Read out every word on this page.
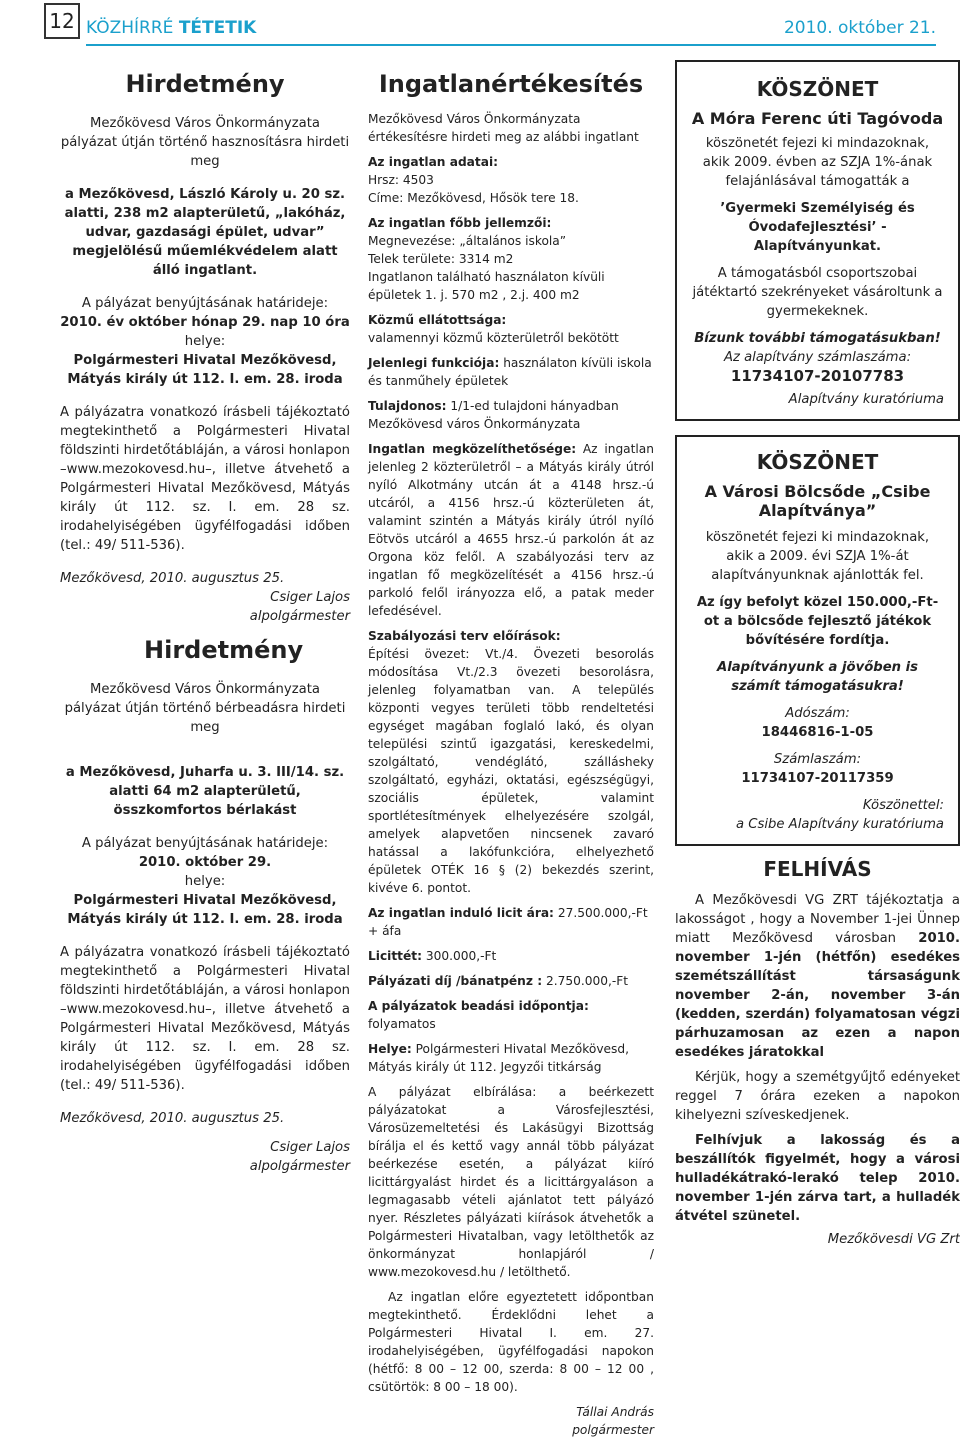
12 KÖZHÍRRÉ TÉTETIK	2010. október 21.
Hirdetmény

Mezőkövesd Város Önkormányzata pályázat útján történő hasznosításra hirdeti meg

a Mezőkövesd, László Károly u. 20 sz. alatti, 238 m2 alapterületű, „lakóház, udvar, gazdasági épület, udvar” megjelölésű műemlékvédelem alatt álló ingatlant.

A pályázat benyújtásának határideje:
2010. év október hónap 29. nap 10 óra
helye:

Polgármesteri Hivatal Mezőkövesd, Mátyás király út 112. I. em. 28. iroda

A pályázatra vonatkozó írásbeli tájékoztató megtekinthető a Polgármesteri Hivatal földszinti hirdetőtábláján, a városi honlapon –www.mezokovesd.hu–, illetve átvehető a Polgármesteri Hivatal Mezőkövesd, Mátyás király út 112. sz. I. em. 28 sz. irodahelyiségében ügyfélfogadási időben (tel.: 49/ 511-536).

Mezőkövesd, 2010. augusztus 25.
Csiger Lajos
alpolgármester
Hirdetmény

Mezőkövesd Város Önkormányzata pályázat útján történő bérbeadásra hirdeti meg

a Mezőkövesd, Juharfa u. 3. III/14. sz. alatti 64 m2 alapterületű, összkomfortos bérlakást

A pályázat benyújtásának határideje:
2010. október 29.
helye:

Polgármesteri Hivatal Mezőkövesd, Mátyás király út 112. I. em. 28. iroda

A pályázatra vonatkozó írásbeli tájékoztató megtekinthető a Polgármesteri Hivatal földszinti hirdetőtábláján, a városi honlapon –www.mezokovesd.hu–, illetve átvehető a Polgármesteri Hivatal Mezőkövesd, Mátyás király út 112. sz. I. em. 28 sz. irodahelyiségében ügyfélfogadási időben (tel.: 49/ 511-536).

Mezőkövesd, 2010. augusztus 25.
Csiger Lajos
alpolgármester
Ingatlanértékesítés

Mezőkövesd Város Önkormányzata értékesítésre hirdeti meg az alábbi ingatlant

Az ingatlan adatai:
Hrsz: 4503

Címe: Mezőkövesd, Hősök tere 18.

Az ingatlan főbb jellemzői:
Megnevezése: „általános iskola”
Telek területe: 3314 m2

Ingatlanon található használaton kívüli épületek 1. j. 570 m2 , 2.j. 400 m2

Közmű ellátottsága:

valamennyi közmű közterületről bekötött

Jelenlegi funkciója: használaton kívüli iskola és tanműhely épületek

Tulajdonos: 1/1-ed tulajdoni hányadban Mezőkövesd város Önkormányzata

Ingatlan megközelíthetősége: Az ingatlan jelenleg 2 közterületről – a Mátyás király útról nyíló Alkotmány utcán át a 4148 hrsz.-ú utcáról, a 4156 hrsz.-ú közterületen át, valamint szintén a Mátyás király útról nyíló Eötvös utcáról a 4655 hrsz.-ú parkolón át az Orgona köz felől. A szabályozási terv az ingatlan fő megközelítését a 4156 hrsz.-ú parkoló felől irányozza elő, a patak meder lefedésével.

Szabályozási terv előírások:

Építési övezet: Vt./4. Övezeti besorolás módosítása Vt./2.3 övezeti besorolásra, jelenleg folyamatban van. A település központi vegyes területi több rendeltetési egységet magában foglaló lakó, és olyan települési szintű igazgatási, kereskedelmi, szolgáltató, vendéglátó, szállásheky szolgáltató, egyházi, oktatási, egészségügyi, szociális épületek, valamint sportlétesítmények elhelyezésére szolgál, amelyek alapvetően nincsenek zavaró hatással a lakófunkcióra, elhelyezhető épületek OTÉK 16 § (2) bekezdés szerint, kivéve 6. pontot.

Az ingatlan induló licit ára: 27.500.000,-Ft + áfa

Licittét: 300.000,-Ft

Pályázati díj /bánatpénz : 2.750.000,-Ft

A pályázatok beadási időpontja: folyamatos

Helye: Polgármesteri Hivatal Mezőkövesd, Mátyás király út 112. Jegyzői titkárság

A pályázat elbírálása: a beérkezett pályázatokat a Városfejlesztési, Városüzemeltetési és Lakásügyi Bizottság bírálja el és kettő vagy annál több pályázat beérkezése esetén, a pályázat kiíró licittárgyalást hirdet és a licittárgyaláson a legmagasabb vételi ajánlatot tett pályázó nyer. Részletes pályázati kiírások átvehetők a Polgármesteri Hivatalban, vagy letölthetők az önkormányzat honlapjáról / www.mezokovesd.hu / letölthető.

Az ingatlan előre egyeztetett időpontban megtekinthető. Érdeklődni lehet a Polgármesteri Hivatal I. em. 27. irodahelyiségében, ügyfélfogadási napokon (hétfő: 8 00 – 12 00, szerda: 8 00 – 12 00 , csütörtök: 8 00 – 18 00).

Tállai András
polgármester
KÖSZÖNET
A Móra Ferenc úti Tagóvoda
köszönetét fejezi ki mindazoknak, akik 2009. évben az SZJA 1%-ának felajánlásával támogatták a
’Gyermeki Személyiség és Óvodafejlesztési’ - Alapítványunkat.
A támogatásból csoportszobai játéktartó szekrényeket vásároltunk a gyermekeknek.
Bízunk további támogatásukban!
Az alapítvány számlaszáma:
11734107-20107783
Alapítvány kuratóriuma
KÖSZÖNET
A Városi Bölcsőde „Csibe Alapítványa”
köszönetét fejezi ki mindazoknak, akik a 2009. évi SZJA 1%-át alapítványunknak ajánlották fel.
Az így befolyt közel 150.000,-Ft-ot a bölcsőde fejlesztő játékok bővítésére fordítja.
Alapítványunk a jövőben is számít támogatásukra!
Adószám:
18446816-1-05
Számlaszám:
11734107-20117359
Köszönettel:
a Csibe Alapítvány kuratóriuma
FELHÍVÁS

A Mezőkövesdi VG ZRT tájékoztatja a lakosságot , hogy a November 1-jei Ünnep miatt Mezőkövesd városban 2010. november 1-jén (hétfőn) esedékes szemétszállítást társaságunk november 2-án, november 3-án (kedden, szerdán) folyamatosan végzi párhuzamosan az ezen a napon esedékes járatokkal

Kérjük, hogy a szemétgyűjtő edényeket reggel 7 órára ezeken a napokon kihelyezni szíveskedjenek.

Felhívjuk a lakosság és a beszállítók figyelmét, hogy a városi hulladékátrakó-lerakó telep 2010. november 1-jén zárva tart, a hulladék átvétel szünetel.

Mezőkövesdi VG Zrt
